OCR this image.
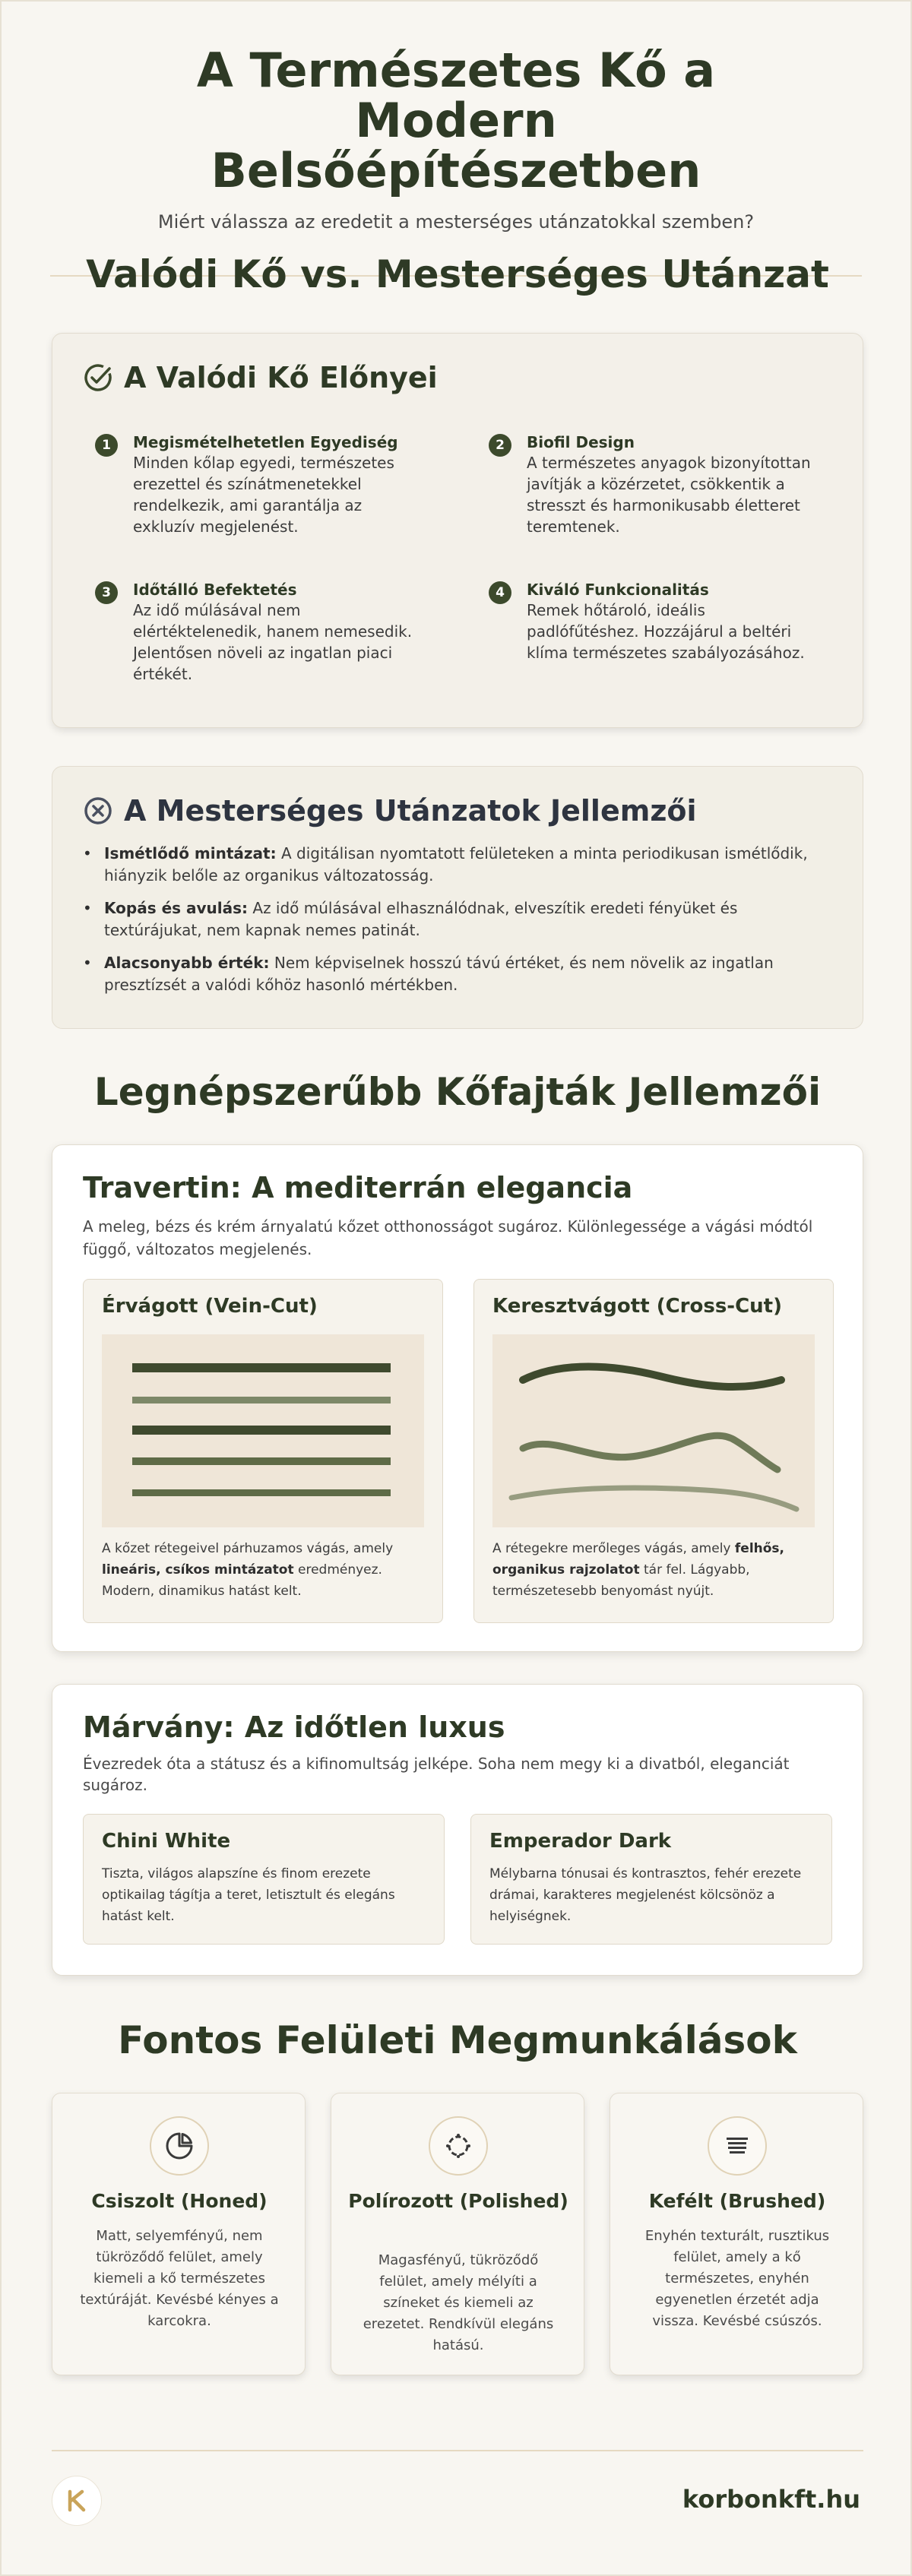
A Természetes Kő a Modern Belsőépítészetben

Miért válassza az eredetit a mesterséges utánzatokkal szemben?

Valódi Kő vs. Mesterséges Utánzat
A Valódi Kő Előnyei
1	Megismételhetetlen Egyediség
Minden kőlap egyedi, természetes erezettel és színátmenetekkel rendelkezik, ami garantálja az exkluzív megjelenést.
2	Biofil Design
A természetes anyagok bizonyítottan javítják a közérzetet, csökkentik a stresszt és harmonikusabb életteret teremtenek.
3	Időtálló Befektetés
Az idő múlásával nem elértéktelenedik, hanem nemesedik. Jelentősen növeli az ingatlan piaci értékét.
4	Kiváló Funkcionalitás
Remek hőtároló, ideális padlófűtéshez. Hozzájárul a beltéri klíma természetes szabályozásához.
A Mesterséges Utánzatok Jellemzői
• Ismétlődő mintázat: A digitálisan nyomtatott felületeken a minta periodikusan ismétlődik, hiányzik belőle az organikus változatosság.
• Kopás és avulás: Az idő múlásával elhasználódnak, elveszítik eredeti fényüket és textúrájukat, nem kapnak nemes patinát.
• Alacsonyabb érték: Nem képviselnek hosszú távú értéket, és nem növelik az ingatlan presztízsét a valódi kőhöz hasonló mértékben.
Legnépszerűbb Kőfajták Jellemzői
Travertin: A mediterrán elegancia
A meleg, bézs és krém árnyalatú kőzet otthonosságot sugároz. Különlegessége a vágási módtól függő, változatos megjelenés.
Érvágott (Vein-Cut)
A kőzet rétegeivel párhuzamos vágás, amely lineáris, csíkos mintázatot eredményez. Modern, dinamikus hatást kelt.
Keresztvágott (Cross-Cut)
A rétegekre merőleges vágás, amely felhős, organikus rajzolatot tár fel. Lágyabb, természetesebb benyomást nyújt.
Márvány: Az időtlen luxus
Évezredek óta a státusz és a kifinomultság jelképe. Soha nem megy ki a divatból, eleganciát sugároz.
Chini White
Tiszta, világos alapszíne és finom erezete optikailag tágítja a teret, letisztult és elegáns hatást kelt.
Emperador Dark
Mélybarna tónusai és kontrasztos, fehér erezete drámai, karakteres megjelenést kölcsönöz a helyiségnek.
Fontos Felületi Megmunkálások
Csiszolt (Honed)
Matt, selyemfényű, nem tükröződő felület, amely kiemeli a kő természetes textúráját. Kevésbé kényes a karcokra.
Polírozott (Polished)
Magasfényű, tükröződő felület, amely mélyíti a színeket és kiemeli az erezetet. Rendkívül elegáns hatású.
Kefélt (Brushed)
Enyhén texturált, rusztikus felület, amely a kő természetes, enyhén egyenetlen érzetét adja vissza. Kevésbé csúszós.
korbonkft.hu
